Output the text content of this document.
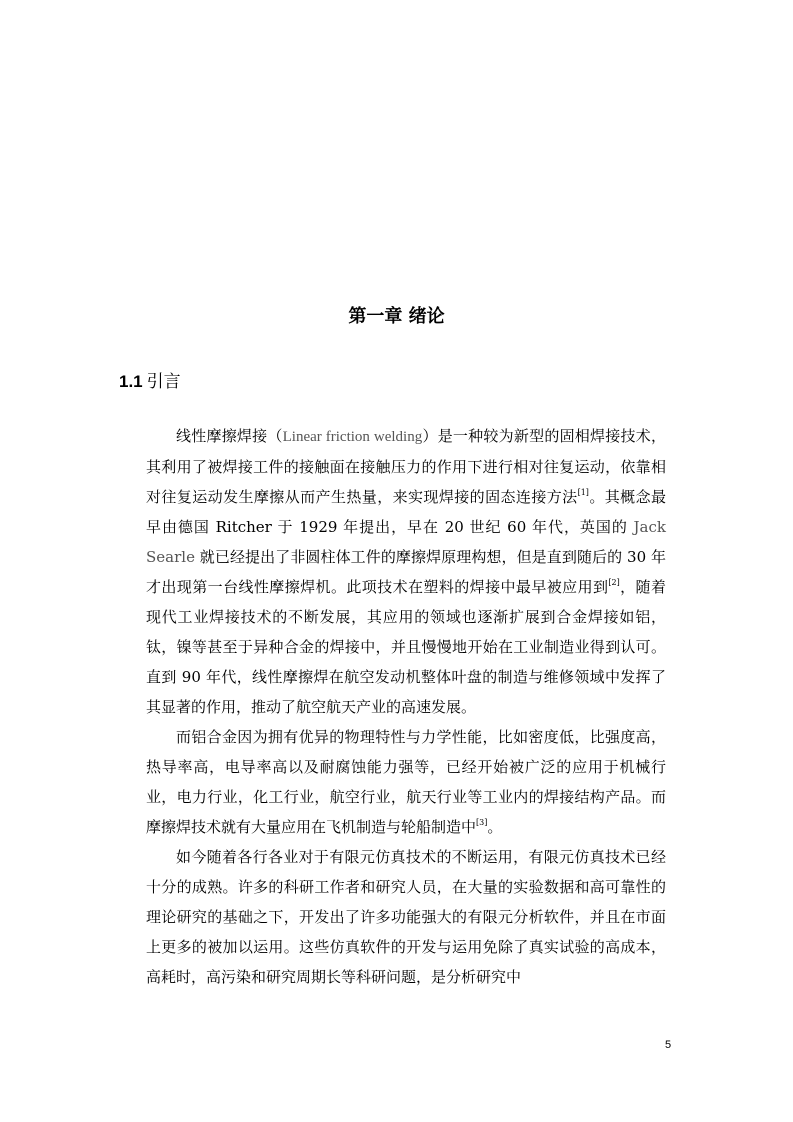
第一章 绪论
1.1 引言

线性摩擦焊接（Linear friction welding）是一种较为新型的固相焊接技术，其利用了被焊接工件的接触面在接触压力的作用下进行相对往复运动，依靠相对往复运动发生摩擦从而产生热量，来实现焊接的固态连接方法[1]。其概念最早由德国 Ritcher 于 1929 年提出，早在 20 世纪 60 年代，英国的 Jack Searle 就已经提出了非圆柱体工件的摩擦焊原理构想，但是直到随后的 30 年才出现第一台线性摩擦焊机。此项技术在塑料的焊接中最早被应用到[2]，随着现代工业焊接技术的不断发展，其应用的领域也逐渐扩展到合金焊接如铝，钛，镍等甚至于异种合金的焊接中，并且慢慢地开始在工业制造业得到认可。直到 90 年代，线性摩擦焊在航空发动机整体叶盘的制造与维修领域中发挥了其显著的作用，推动了航空航天产业的高速发展。

而铝合金因为拥有优异的物理特性与力学性能，比如密度低，比强度高，热导率高，电导率高以及耐腐蚀能力强等，已经开始被广泛的应用于机械行业，电力行业，化工行业，航空行业，航天行业等工业内的焊接结构产品。而摩擦焊技术就有大量应用在飞机制造与轮船制造中[3]。

如今随着各行各业对于有限元仿真技术的不断运用，有限元仿真技术已经十分的成熟。许多的科研工作者和研究人员，在大量的实验数据和高可靠性的理论研究的基础之下，开发出了许多功能强大的有限元分析软件，并且在市面上更多的被加以运用。这些仿真软件的开发与运用免除了真实试验的高成本，高耗时，高污染和研究周期长等科研问题，是分析研究中

5
